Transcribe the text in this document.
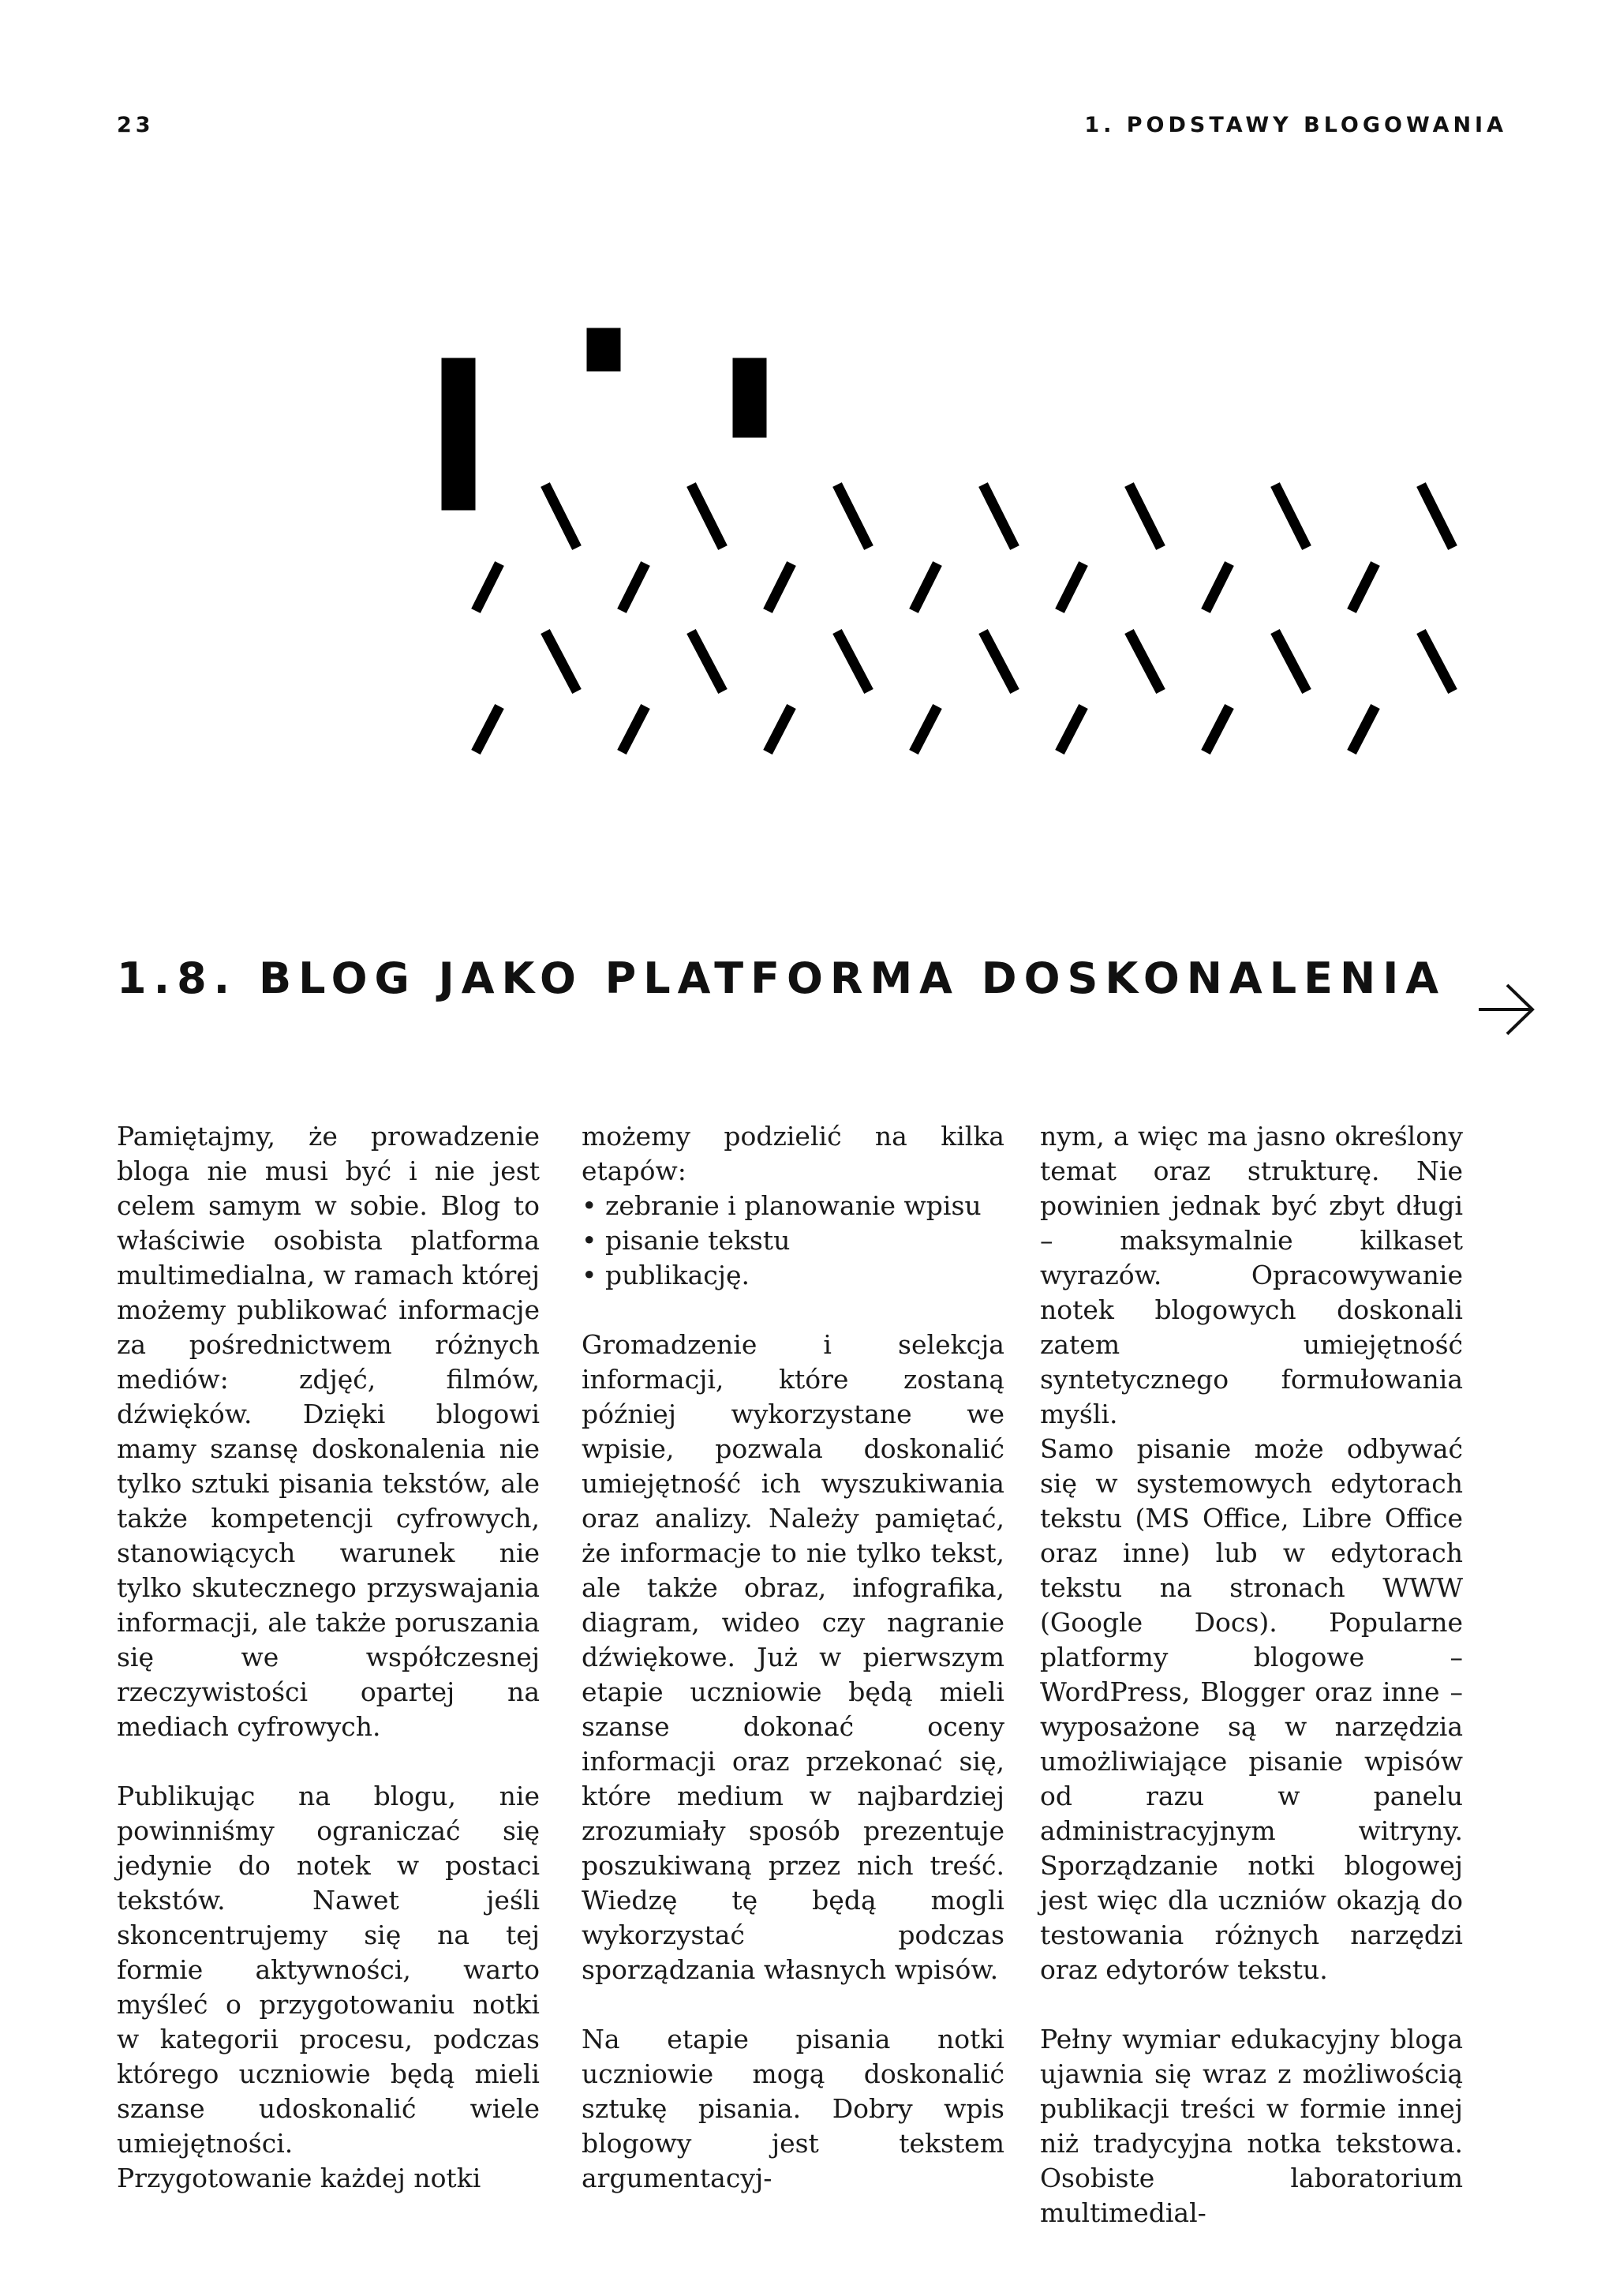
23	1. PODSTAWY BLOGOWANIA
1.8. BLOG JAKO PLATFORMA DOSKONALENIA

Pamiętajmy, że prowadzenie bloga nie musi być i nie jest celem samym w sobie. Blog to właściwie osobista platforma multimedialna, w ramach której możemy publikować informacje za pośrednictwem różnych mediów: zdjęć, filmów, dźwięków. Dzięki blogowi mamy szansę doskonalenia nie tylko sztuki pisania tekstów, ale także kompetencji cyfrowych, stanowiących warunek nie tylko skutecznego przyswajania informacji, ale także poruszania się we współczesnej rzeczywistości opartej na mediach cyfrowych.

Publikując na blogu, nie powinniśmy ograniczać się jedynie do notek w postaci tekstów. Nawet jeśli skoncentrujemy się na tej formie aktywności, warto myśleć o przygotowaniu notki w kategorii procesu, podczas którego uczniowie będą mieli szanse udoskonalić wiele umiejętności.

Przygotowanie każdej notki

możemy podzielić na kilka etapów:

• zebranie i planowanie wpisu
• pisanie tekstu
• publikację.

Gromadzenie i selekcja informacji, które zostaną później wykorzystane we wpisie, pozwala doskonalić umiejętność ich wyszukiwania oraz analizy. Należy pamiętać, że informacje to nie tylko tekst, ale także obraz, infografika, diagram, wideo czy nagranie dźwiękowe. Już w pierwszym etapie uczniowie będą mieli szanse dokonać oceny informacji oraz przekonać się, które medium w najbardziej zrozumiały sposób prezentuje poszukiwaną przez nich treść. Wiedzę tę będą mogli wykorzystać podczas sporządzania własnych wpisów.

Na etapie pisania notki uczniowie mogą doskonalić sztukę pisania. Dobry wpis blogowy jest tekstem argumentacyj-

nym, a więc ma jasno określony temat oraz strukturę. Nie powinien jednak być zbyt długi – maksymalnie kilkaset wyrazów. Opracowywanie notek blogowych doskonali zatem umiejętność syntetycznego formułowania myśli.

Samo pisanie może odbywać się w systemowych edytorach tekstu (MS Office, Libre Office oraz inne) lub w edytorach tekstu na stronach WWW (Google Docs). Popularne platformy blogowe – WordPress, Blogger oraz inne – wyposażone są w narzędzia umożliwiające pisanie wpisów od razu w panelu administracyjnym witryny. Sporządzanie notki blogowej jest więc dla uczniów okazją do testowania różnych narzędzi oraz edytorów tekstu.

Pełny wymiar edukacyjny bloga ujawnia się wraz z możliwością publikacji treści w formie innej niż tradycyjna notka tekstowa. Osobiste laboratorium multimedial-
